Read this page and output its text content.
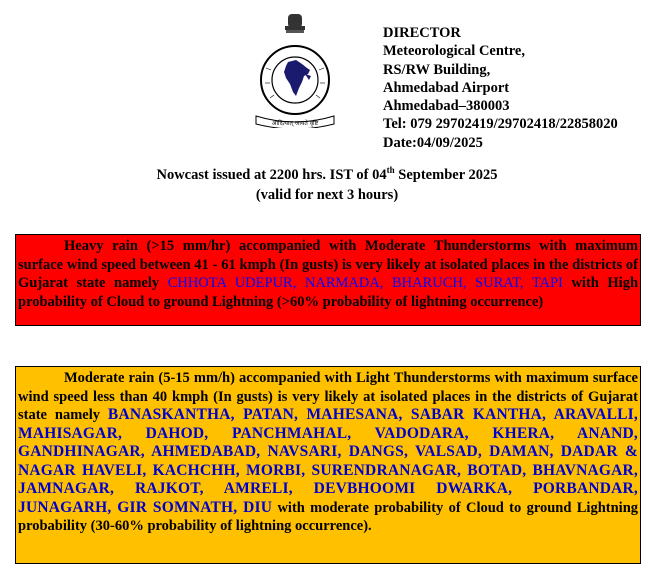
आदित्यात् जायते वृष्टि
DIRECTOR
Meteorological Centre,
RS/RW Building,
Ahmedabad Airport
Ahmedabad–380003
Tel: 079 29702419/29702418/22858020
Date:04/09/2025
Nowcast issued at 2200 hrs. IST of 04th September 2025
(valid for next 3 hours)
Heavy rain (>15 mm/hr) accompanied with Moderate Thunderstorms with maximum surface wind speed between 41 - 61 kmph (In gusts) is very likely at isolated places in the districts of Gujarat state namely CHHOTA UDEPUR, NARMADA, BHARUCH, SURAT, TAPI with High probability of Cloud to ground Lightning (>60% probability of lightning occurrence)
Moderate rain (5-15 mm/h) accompanied with Light Thunderstorms with maximum surface wind speed less than 40 kmph (In gusts) is very likely at isolated places in the districts of Gujarat state namely BANASKANTHA, PATAN, MAHESANA, SABAR KANTHA, ARAVALLI, MAHISAGAR, DAHOD, PANCHMAHAL, VADODARA, KHERA, ANAND, GANDHINAGAR, AHMEDABAD, NAVSARI, DANGS, VALSAD, DAMAN, DADAR & NAGAR HAVELI, KACHCHH, MORBI, SURENDRANAGAR, BOTAD, BHAVNAGAR, JAMNAGAR, RAJKOT, AMRELI, DEVBHOOMI DWARKA, PORBANDAR, JUNAGARH, GIR SOMNATH, DIU with moderate probability of Cloud to ground Lightning probability (30-60% probability of lightning occurrence).
